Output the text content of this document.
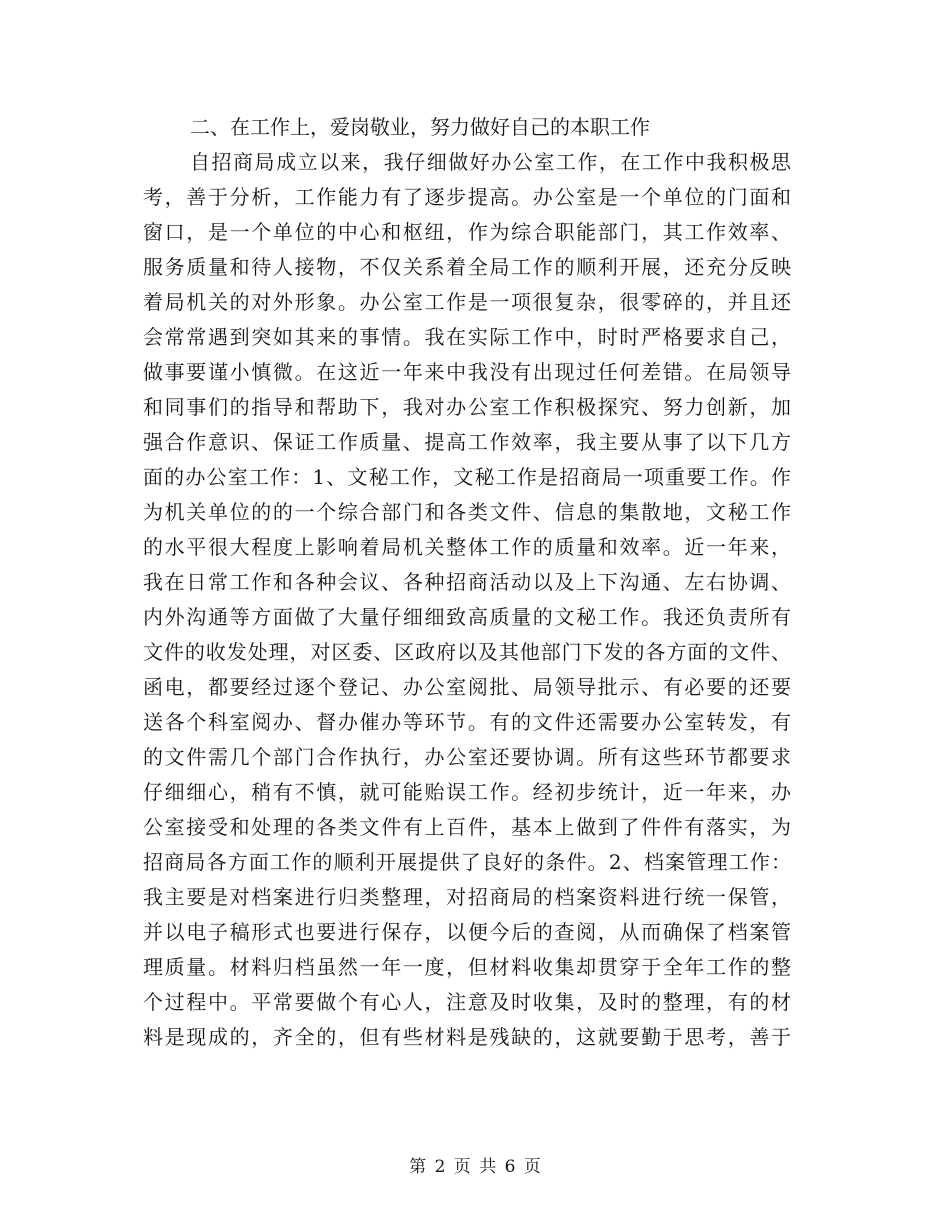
二、在工作上，爱岗敬业，努力做好自己的本职工作
自招商局成立以来，我仔细做好办公室工作，在工作中我积极思
考，善于分析，工作能力有了逐步提高。办公室是一个单位的门面和
窗口，是一个单位的中心和枢纽，作为综合职能部门，其工作效率、
服务质量和待人接物，不仅关系着全局工作的顺利开展，还充分反映
着局机关的对外形象。办公室工作是一项很复杂，很零碎的，并且还
会常常遇到突如其来的事情。我在实际工作中，时时严格要求自己，
做事要谨小慎微。在这近一年来中我没有出现过任何差错。在局领导
和同事们的指导和帮助下，我对办公室工作积极探究、努力创新，加
强合作意识、保证工作质量、提高工作效率，我主要从事了以下几方
面的办公室工作：1、文秘工作，文秘工作是招商局一项重要工作。作
为机关单位的的一个综合部门和各类文件、信息的集散地，文秘工作
的水平很大程度上影响着局机关整体工作的质量和效率。近一年来，
我在日常工作和各种会议、各种招商活动以及上下沟通、左右协调、
内外沟通等方面做了大量仔细细致高质量的文秘工作。我还负责所有
文件的收发处理，对区委、区政府以及其他部门下发的各方面的文件、
函电，都要经过逐个登记、办公室阅批、局领导批示、有必要的还要
送各个科室阅办、督办催办等环节。有的文件还需要办公室转发，有
的文件需几个部门合作执行，办公室还要协调。所有这些环节都要求
仔细细心，稍有不慎，就可能贻误工作。经初步统计，近一年来，办
公室接受和处理的各类文件有上百件，基本上做到了件件有落实，为
招商局各方面工作的顺利开展提供了良好的条件。2、档案管理工作：
我主要是对档案进行归类整理，对招商局的档案资料进行统一保管，
并以电子稿形式也要进行保存，以便今后的查阅，从而确保了档案管
理质量。材料归档虽然一年一度，但材料收集却贯穿于全年工作的整
个过程中。平常要做个有心人，注意及时收集，及时的整理，有的材
料是现成的，齐全的，但有些材料是残缺的，这就要勤于思考，善于
第 2 页 共 6 页
